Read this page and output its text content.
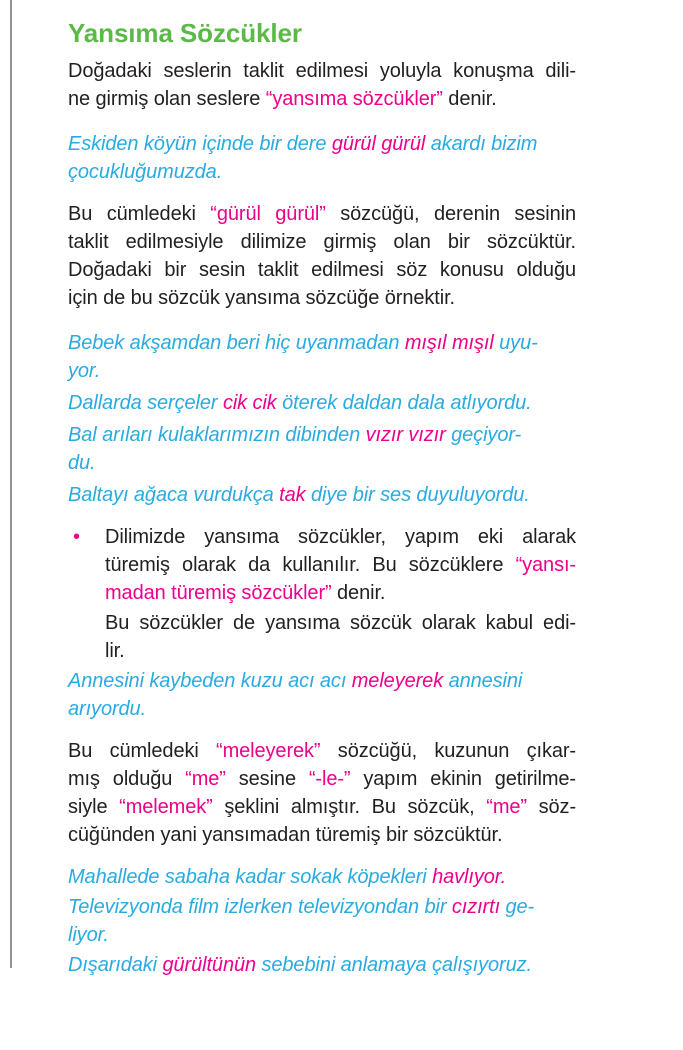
Yansıma Sözcükler
Doğadaki seslerin taklit edilmesi yoluyla konuşma dili-
ne girmiş olan seslere “yansıma sözcükler” denir.
Eskiden köyün içinde bir dere gürül gürül akardı bizim
çocukluğumuzda.
Bu cümledeki “gürül gürül” sözcüğü, derenin sesinin
taklit edilmesiyle dilimize girmiş olan bir sözcüktür.
Doğadaki bir sesin taklit edilmesi söz konusu olduğu
için de bu sözcük yansıma sözcüğe örnektir.
Bebek akşamdan beri hiç uyanmadan mışıl mışıl uyu-
yor.
Dallarda serçeler cik cik öterek daldan dala atlıyordu.
Bal arıları kulaklarımızın dibinden vızır vızır geçiyor-
du.
Baltayı ağaca vurdukça tak diye bir ses duyuluyordu.
•	Dilimizde yansıma sözcükler, yapım eki alarak
türemiş olarak da kullanılır. Bu sözcüklere “yansı-
madan türemiş sözcükler” denir.
Bu sözcükler de yansıma sözcük olarak kabul edi-
lir.
Annesini kaybeden kuzu acı acı meleyerek annesini
arıyordu.
Bu cümledeki “meleyerek” sözcüğü, kuzunun çıkar-
mış olduğu “me” sesine “-le-” yapım ekinin getirilme-
siyle “melemek” şeklini almıştır. Bu sözcük, “me” söz-
cüğünden yani yansımadan türemiş bir sözcüktür.
Mahallede sabaha kadar sokak köpekleri havlıyor.
Televizyonda film izlerken televizyondan bir cızırtı ge-
liyor.
Dışarıdaki gürültünün sebebini anlamaya çalışıyoruz.
